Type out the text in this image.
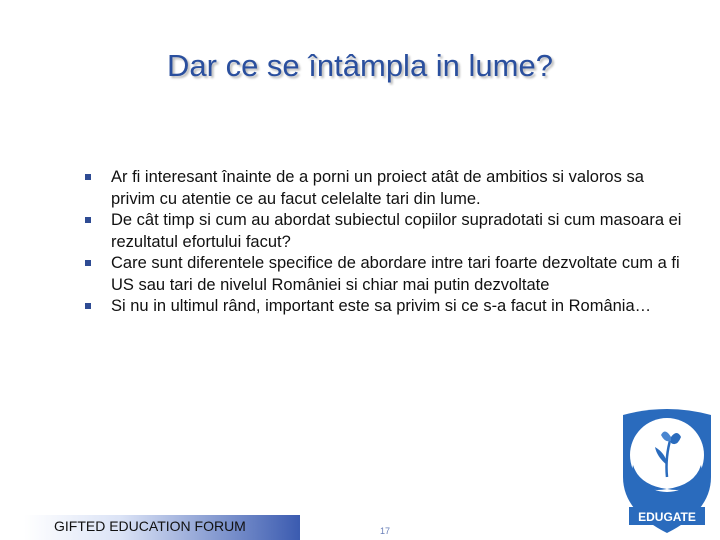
Dar ce se întâmpla in lume?
Ar fi interesant înainte de a porni un proiect atât de ambitios si valoros sa privim cu atentie ce au facut celelalte tari din lume.
De cât timp si cum au abordat subiectul copiilor supradotati si cum masoara ei rezultatul efortului facut?
Care sunt diferentele specifice de abordare intre tari foarte dezvoltate cum a fi US sau tari de nivelul României si chiar mai putin dezvoltate
Si nu in ultimul rând, important este sa privim si ce s-a facut in România…
GIFTED EDUCATION FORUM	17
EDUGATE
